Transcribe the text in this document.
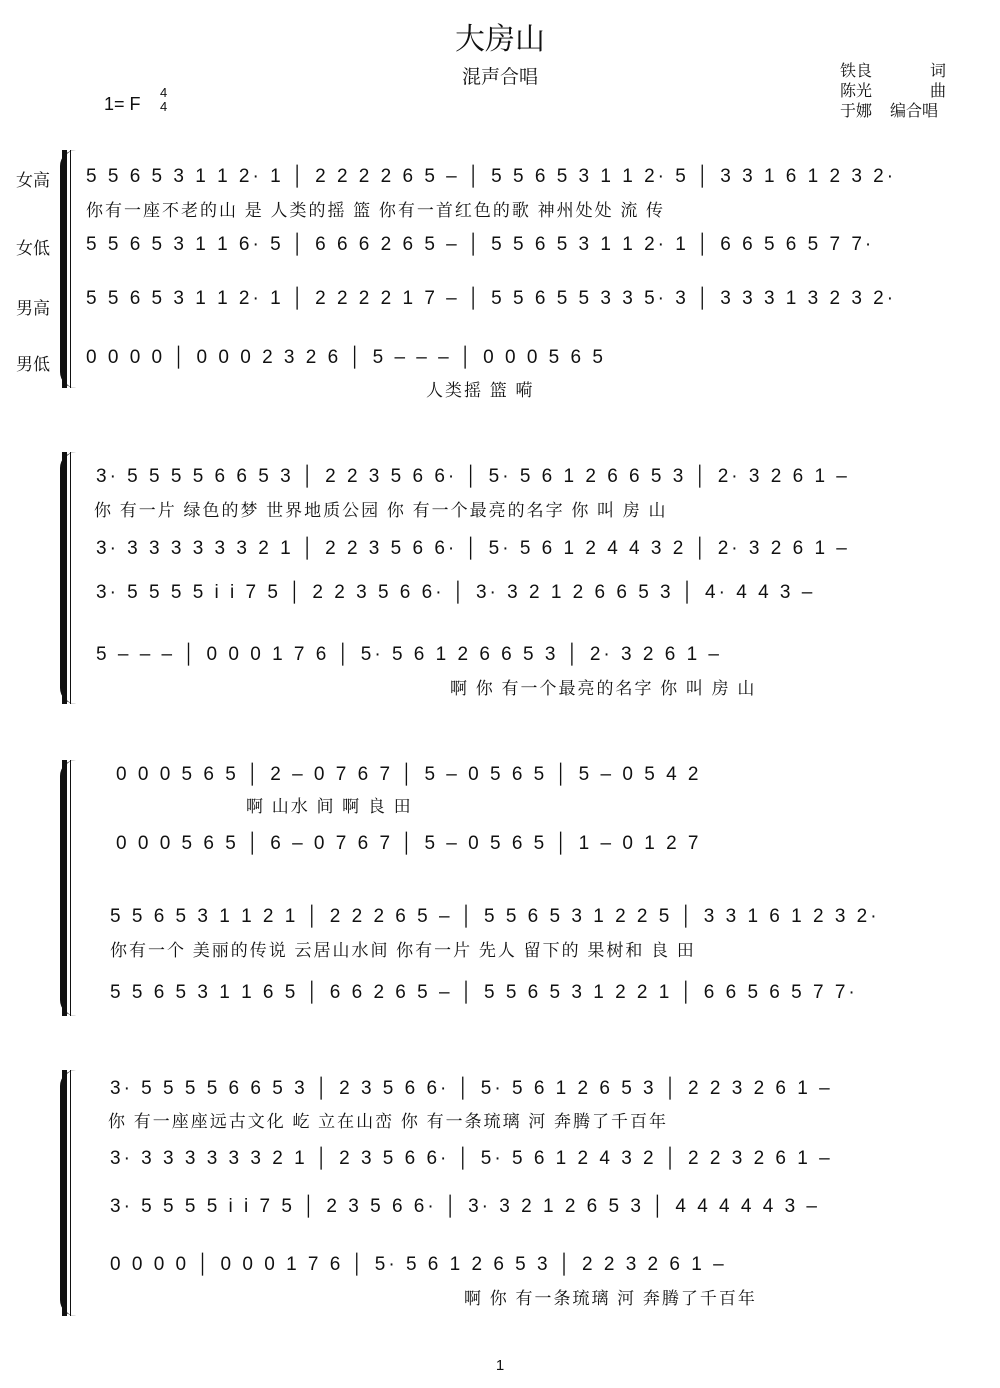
大房山
混声合唱	铁良	词
陈光	曲
于娜 编合唱
1= F
4
4
女高
女低
男高
男低
5 5 6 5 3 1 1 2· 1 │ 2 2 2 2 6 5 – │ 5 5 6 5 3 1 1 2· 5 │ 3 3 1 6 1 2 3 2·
你有一座不老的山 是 人类的摇 篮 你有一首红色的歌 神州处处 流 传
5 5 6 5 3 1 1 6· 5 │ 6 6 6 2 6 5 – │ 5 5 6 5 3 1 1 2· 1 │ 6 6 5 6 5 7 7·
5 5 6 5 3 1 1 2· 1 │ 2 2 2 2 1 7 – │ 5 5 6 5 5 3 3 5· 3 │ 3 3 3 1 3 2 3 2·
0 0 0 0 │ 0 0 0 2 3 2 6 │ 5 – – – │ 0 0 0 5 6 5
人类摇 篮 嗬
3· 5 5 5 5 6 6 5 3 │ 2 2 3 5 6 6· │ 5· 5 6 1 2 6 6 5 3 │ 2· 3 2 6 1 –
你 有一片 绿色的梦 世界地质公园 你 有一个最亮的名字 你 叫 房 山
3· 3 3 3 3 3 3 2 1 │ 2 2 3 5 6 6· │ 5· 5 6 1 2 4 4 3 2 │ 2· 3 2 6 1 –
3· 5 5 5 5 i i 7 5 │ 2 2 3 5 6 6· │ 3· 3 2 1 2 6 6 5 3 │ 4· 4 4 3 –
5 – – – │ 0 0 0 1 7 6 │ 5· 5 6 1 2 6 6 5 3 │ 2· 3 2 6 1 –
啊 你 有一个最亮的名字 你 叫 房 山
0 0 0 5 6 5 │ 2 – 0 7 6 7 │ 5 – 0 5 6 5 │ 5 – 0 5 4 2
啊 山水 间 啊 良 田
0 0 0 5 6 5 │ 6 – 0 7 6 7 │ 5 – 0 5 6 5 │ 1 – 0 1 2 7
5 5 6 5 3 1 1 2 1 │ 2 2 2 6 5 – │ 5 5 6 5 3 1 2 2 5 │ 3 3 1 6 1 2 3 2·
你有一个 美丽的传说 云居山水间 你有一片 先人 留下的 果树和 良 田
5 5 6 5 3 1 1 6 5 │ 6 6 2 6 5 – │ 5 5 6 5 3 1 2 2 1 │ 6 6 5 6 5 7 7·
3· 5 5 5 5 6 6 5 3 │ 2 3 5 6 6· │ 5· 5 6 1 2 6 5 3 │ 2 2 3 2 6 1 –
你 有一座座远古文化 屹 立在山峦 你 有一条琉璃 河 奔腾了千百年
3· 3 3 3 3 3 3 2 1 │ 2 3 5 6 6· │ 5· 5 6 1 2 4 3 2 │ 2 2 3 2 6 1 –
3· 5 5 5 5 i i 7 5 │ 2 3 5 6 6· │ 3· 3 2 1 2 6 5 3 │ 4 4 4 4 4 3 –
0 0 0 0 │ 0 0 0 1 7 6 │ 5· 5 6 1 2 6 5 3 │ 2 2 3 2 6 1 –
啊 你 有一条琉璃 河 奔腾了千百年
1
